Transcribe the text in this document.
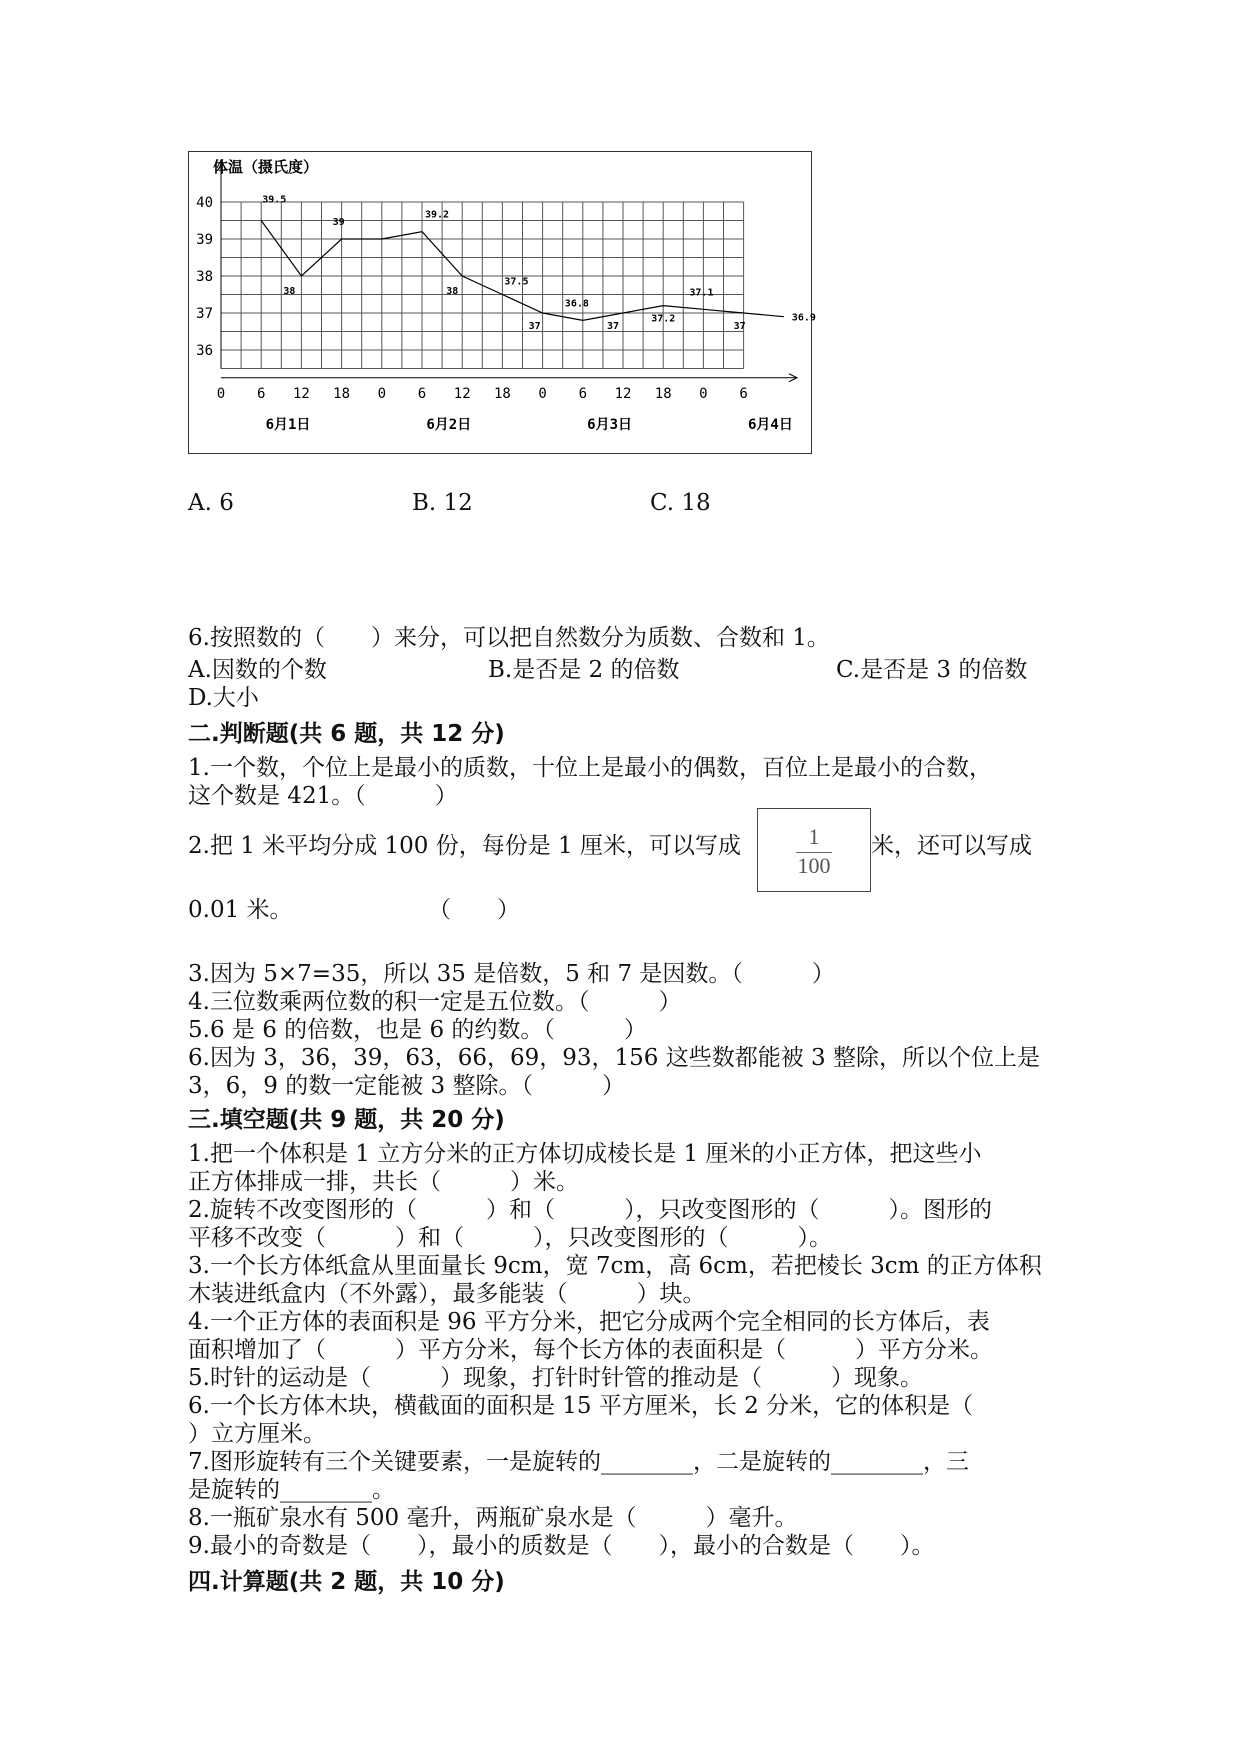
体温（摄氏度）
40
39
38
37
36
0 6 12 18 0 6 12 18 0 6 12 18 0 6
6月1日	6月2日	6月3日	6月4日
39.5
38
39
39.2
38
37.5
37
36.8
37
37.2
37.1
37
36.9
A. 6	B. 12	C. 18
6.按照数的（　　）来分，可以把自然数分为质数、合数和 1。
A.因数的个数	B.是否是 2 的倍数	C.是否是 3 的倍数
D.大小
二.判断题(共 6 题，共 12 分)
1.一个数，个位上是最小的质数，十位上是最小的偶数，百位上是最小的合数，
这个数是 421。（　　　）
2.把 1 米平均分成 100 份，每份是 1 厘米，可以写成	1
100
米，还可以写成
0.01 米。	（　　）
3.因为 5×7=35，所以 35 是倍数，5 和 7 是因数。（　　　）
4.三位数乘两位数的积一定是五位数。（　　　）
5.6 是 6 的倍数，也是 6 的约数。（　　　）
6.因为 3，36，39，63，66，69，93，156 这些数都能被 3 整除，所以个位上是
3，6，9 的数一定能被 3 整除。（　　　）
三.填空题(共 9 题，共 20 分)
1.把一个体积是 1 立方分米的正方体切成棱长是 1 厘米的小正方体，把这些小
正方体排成一排，共长（　　　）米。
2.旋转不改变图形的（　　　）和（　　　），只改变图形的（　　　）。图形的
平移不改变（　　　）和（　　　），只改变图形的（　　　）。
3.一个长方体纸盒从里面量长 9cm，宽 7cm，高 6cm，若把棱长 3cm 的正方体积
木装进纸盒内（不外露），最多能装（　　　）块。
4.一个正方体的表面积是 96 平方分米，把它分成两个完全相同的长方体后，表
面积增加了（　　　）平方分米，每个长方体的表面积是（　　　）平方分米。
5.时针的运动是（　　　）现象，打针时针管的推动是（　　　）现象。
6.一个长方体木块，横截面的面积是 15 平方厘米，长 2 分米，它的体积是（
）立方厘米。
7.图形旋转有三个关键要素，一是旋转的________，二是旋转的________，三
是旋转的________。
8.一瓶矿泉水有 500 毫升，两瓶矿泉水是（　　　）毫升。
9.最小的奇数是（　　），最小的质数是（　　），最小的合数是（　　）。
四.计算题(共 2 题，共 10 分)
